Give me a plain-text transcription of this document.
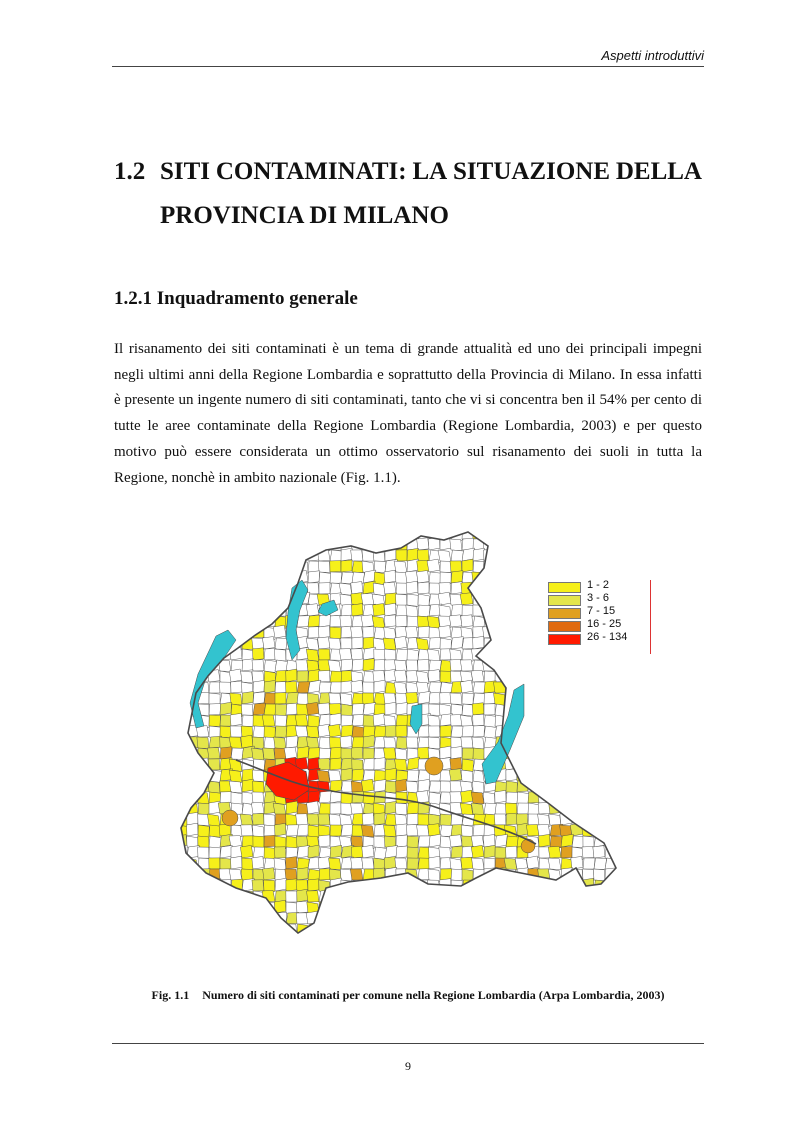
Aspetti introduttivi
1.2 SITI CONTAMINATI: LA SITUAZIONE DELLA
PROVINCIA DI MILANO
1.2.1 Inquadramento generale

Il risanamento dei siti contaminati è un tema di grande attualità ed uno dei principali impegni negli ultimi anni della Regione Lombardia e soprattutto della Provincia di Milano. In essa infatti è presente un ingente numero di siti contaminati, tanto che vi si concentra ben il 54% per cento di tutte le aree contaminate della Regione Lombardia (Regione Lombardia, 2003) e per questo motivo può essere considerata un ottimo osservatorio sul risanamento dei suoli in tutta la Regione, nonchè in ambito nazionale (Fig. 1.1).

1 - 2
3 - 6
7 - 15
16 - 25
26 - 134

Fig. 1.1 Numero di siti contaminati per comune nella Regione Lombardia (Arpa Lombardia, 2003)

9
